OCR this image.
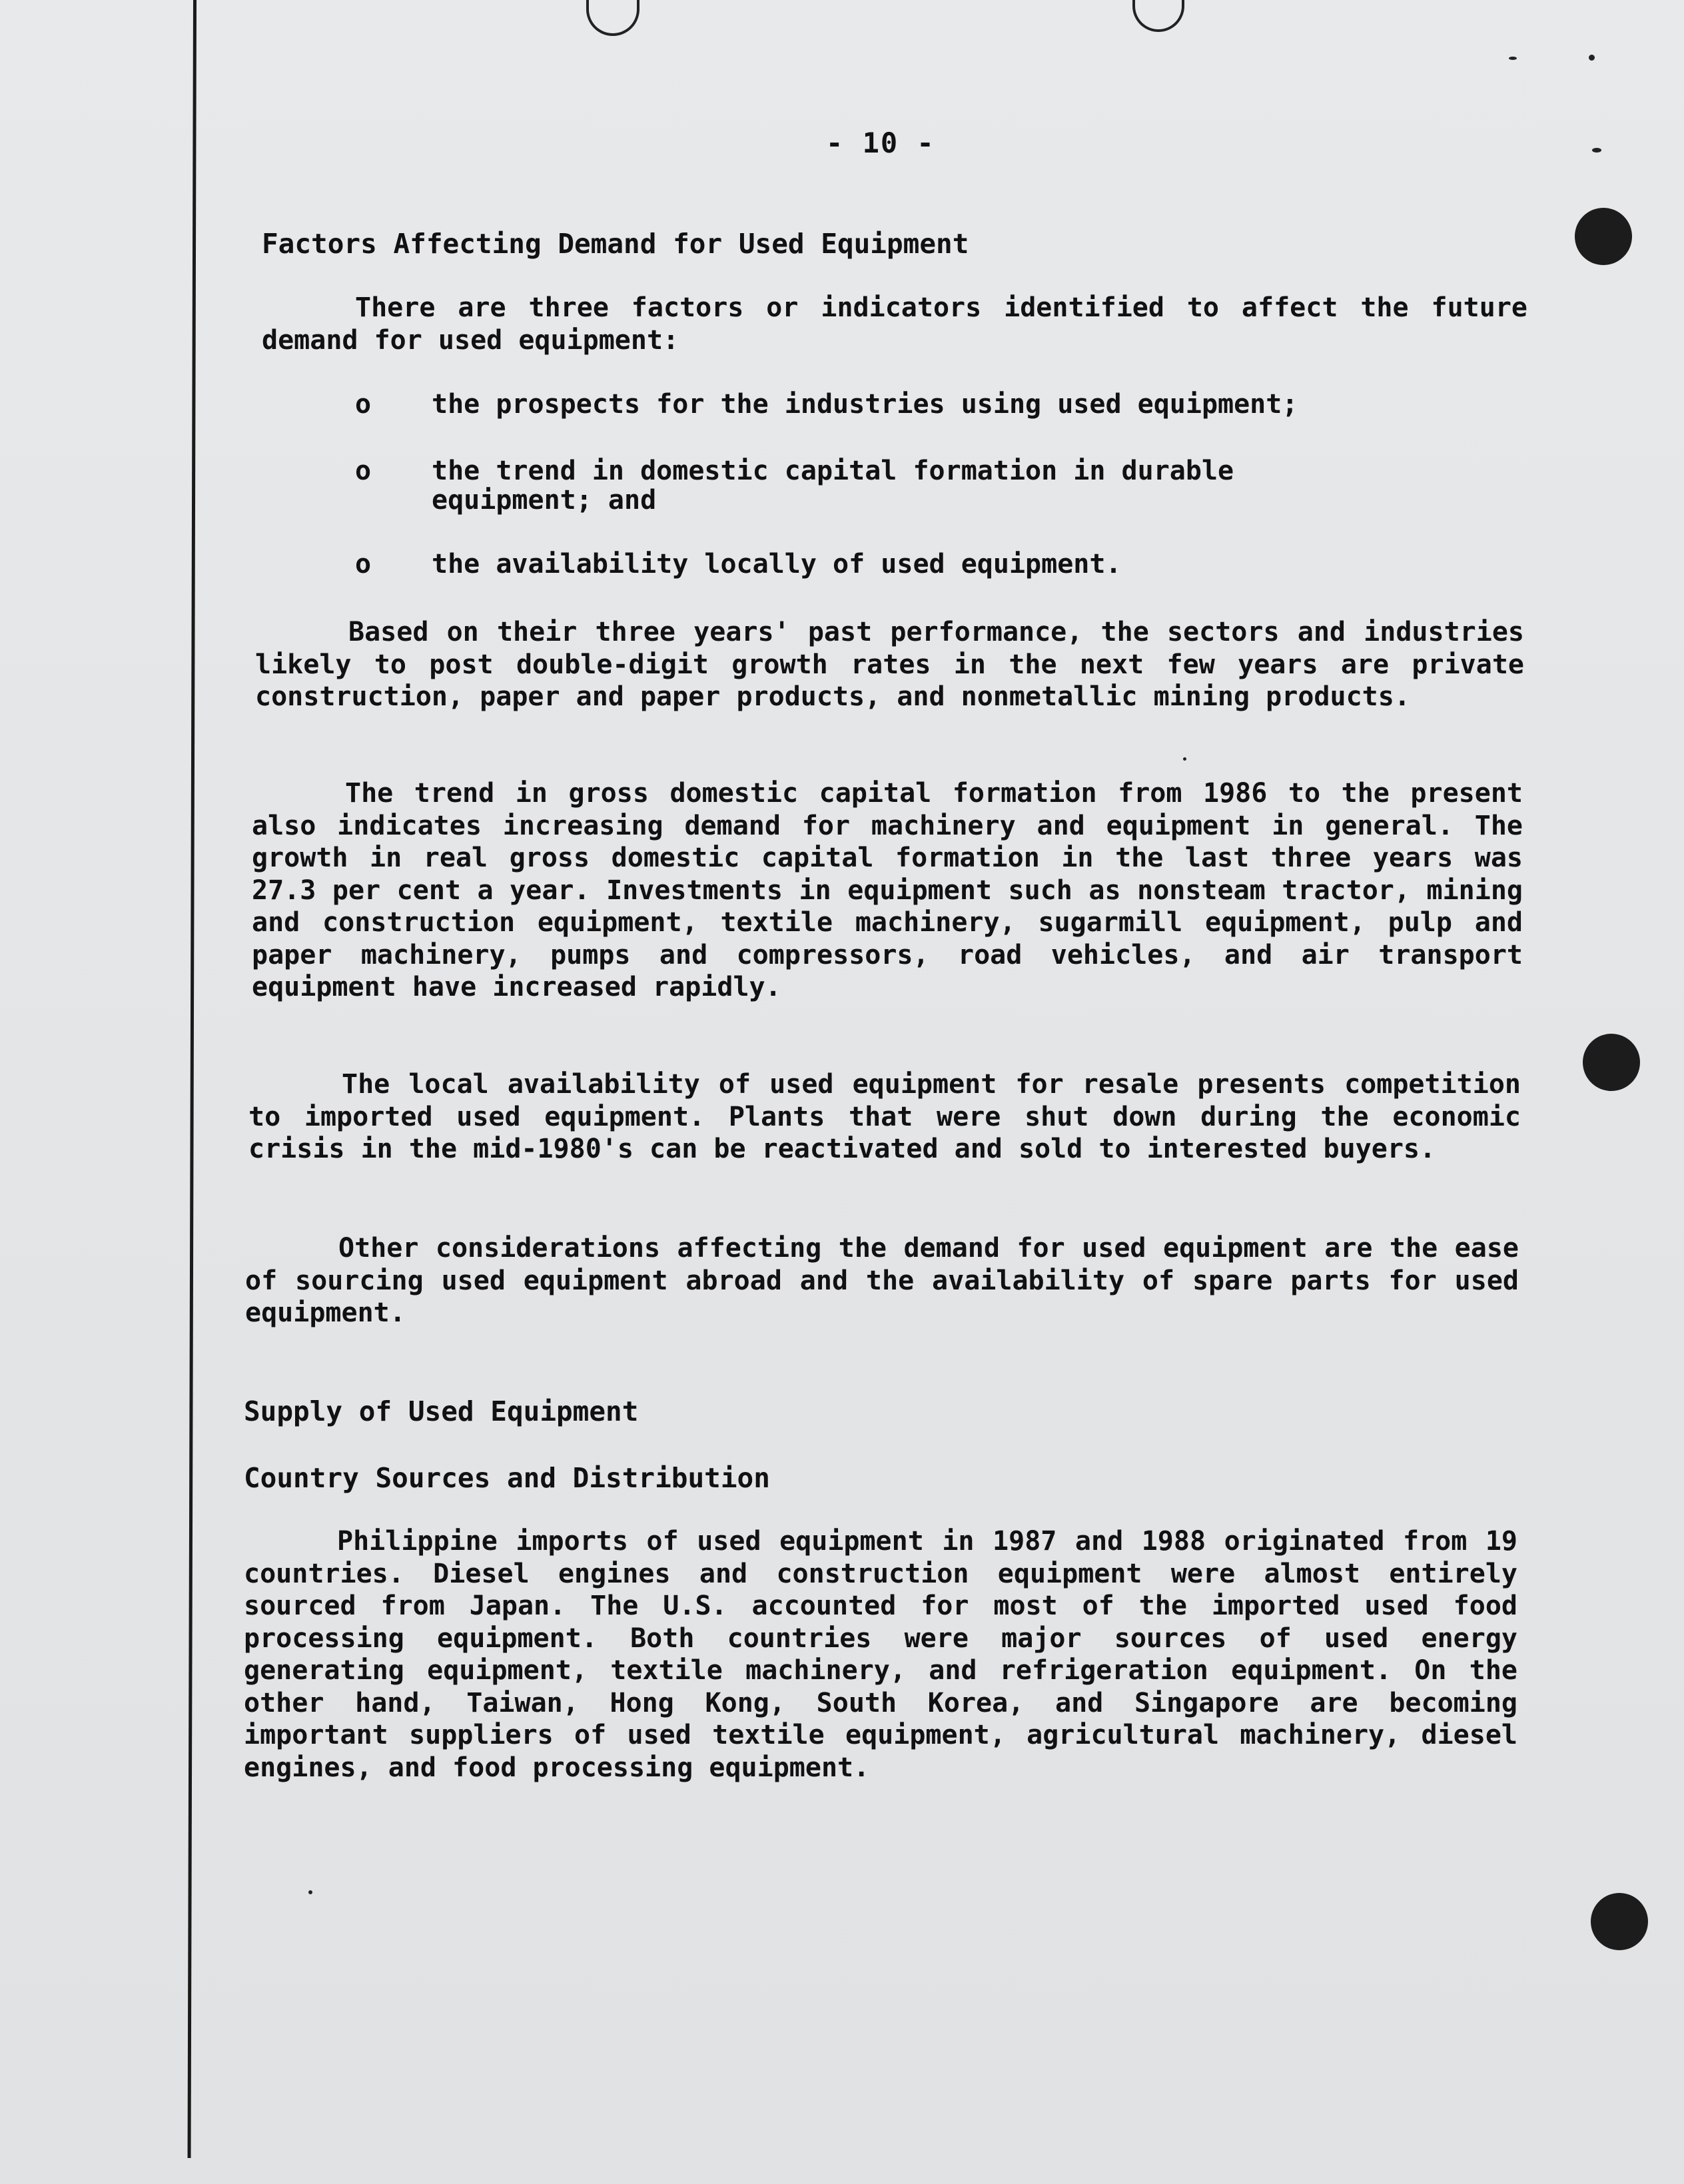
- 10 -
Factors Affecting Demand for Used Equipment
There are three factors or indicators identified to affect the future demand for used equipment:
o the prospects for the industries using used equipment;
o the trend in domestic capital formation in durable equipment; and
o the availability locally of used equipment.
Based on their three years' past performance, the sectors and industries likely to post double-digit growth rates in the next few years are private construction, paper and paper products, and nonmetallic mining products.
The trend in gross domestic capital formation from 1986 to the present also indicates increasing demand for machinery and equipment in general. The growth in real gross domestic capital formation in the last three years was 27.3 per cent a year. Investments in equipment such as nonsteam tractor, mining and construction equipment, textile machinery, sugarmill equipment, pulp and paper machinery, pumps and compressors, road vehicles, and air transport equipment have increased rapidly.
The local availability of used equipment for resale presents competition to imported used equipment. Plants that were shut down during the economic crisis in the mid-1980's can be reactivated and sold to interested buyers.
Other considerations affecting the demand for used equipment are the ease of sourcing used equipment abroad and the availability of spare parts for used equipment.
Supply of Used Equipment
Country Sources and Distribution
Philippine imports of used equipment in 1987 and 1988 originated from 19 countries. Diesel engines and construction equipment were almost entirely sourced from Japan. The U.S. accounted for most of the imported used food processing equipment. Both countries were major sources of used energy generating equipment, textile machinery, and refrigeration equipment. On the other hand, Taiwan, Hong Kong, South Korea, and Singapore are becoming important suppliers of used textile equipment, agricultural machinery, diesel engines, and food processing equipment.
